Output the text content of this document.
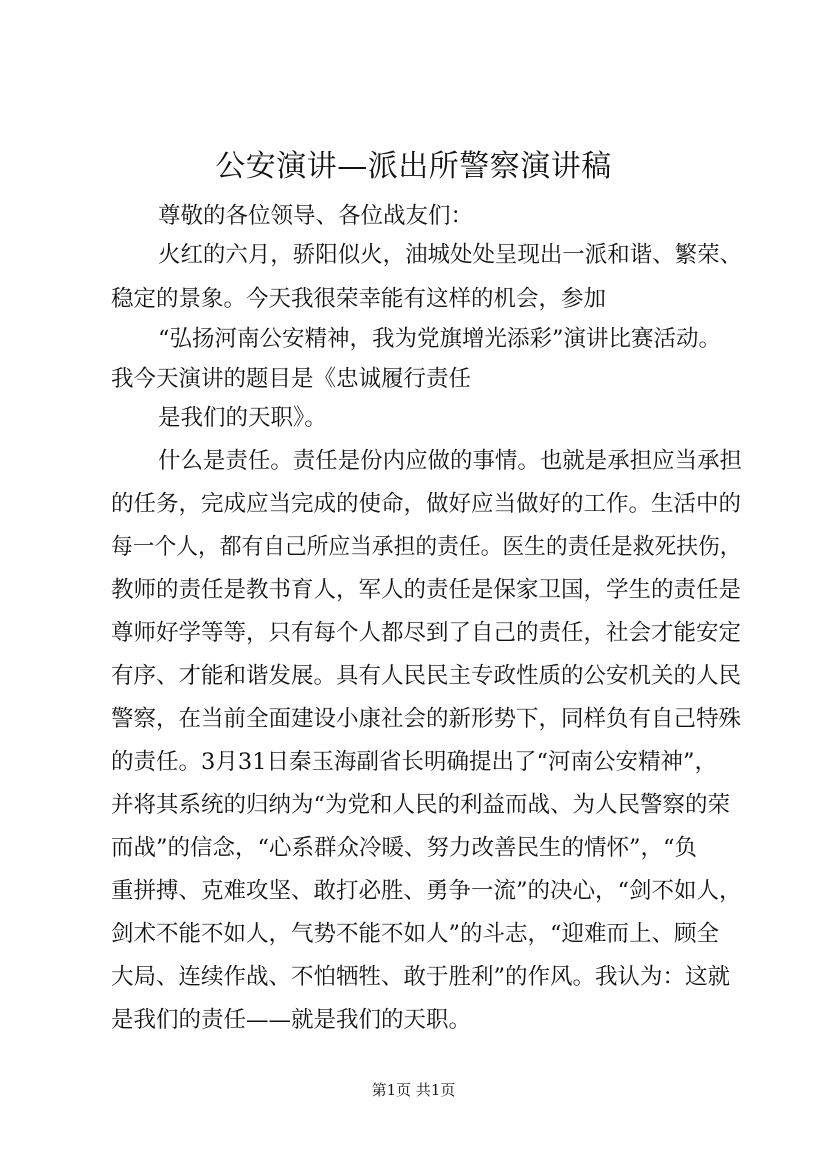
公安演讲—派出所警察演讲稿

尊敬的各位领导、各位战友们：

火红的六月，骄阳似火，油城处处呈现出一派和谐、繁荣、

稳定的景象。今天我很荣幸能有这样的机会，参加

“弘扬河南公安精神，我为党旗增光添彩”演讲比赛活动。

我今天演讲的题目是《忠诚履行责任

是我们的天职》。

什么是责任。责任是份内应做的事情。也就是承担应当承担

的任务，完成应当完成的使命，做好应当做好的工作。生活中的

每一个人，都有自己所应当承担的责任。医生的责任是救死扶伤，

教师的责任是教书育人，军人的责任是保家卫国，学生的责任是

尊师好学等等，只有每个人都尽到了自己的责任，社会才能安定

有序、才能和谐发展。具有人民民主专政性质的公安机关的人民

警察，在当前全面建设小康社会的新形势下，同样负有自己特殊

的责任。3月31日秦玉海副省长明确提出了“河南公安精神”，

并将其系统的归纳为“为党和人民的利益而战、为人民警察的荣

而战”的信念，“心系群众冷暖、努力改善民生的情怀”，“负

重拼搏、克难攻坚、敢打必胜、勇争一流”的决心，“剑不如人，

剑术不能不如人，气势不能不如人”的斗志，“迎难而上、顾全

大局、连续作战、不怕牺牲、敢于胜利”的作风。我认为：这就

是我们的责任——就是我们的天职。

第1页 共1页
